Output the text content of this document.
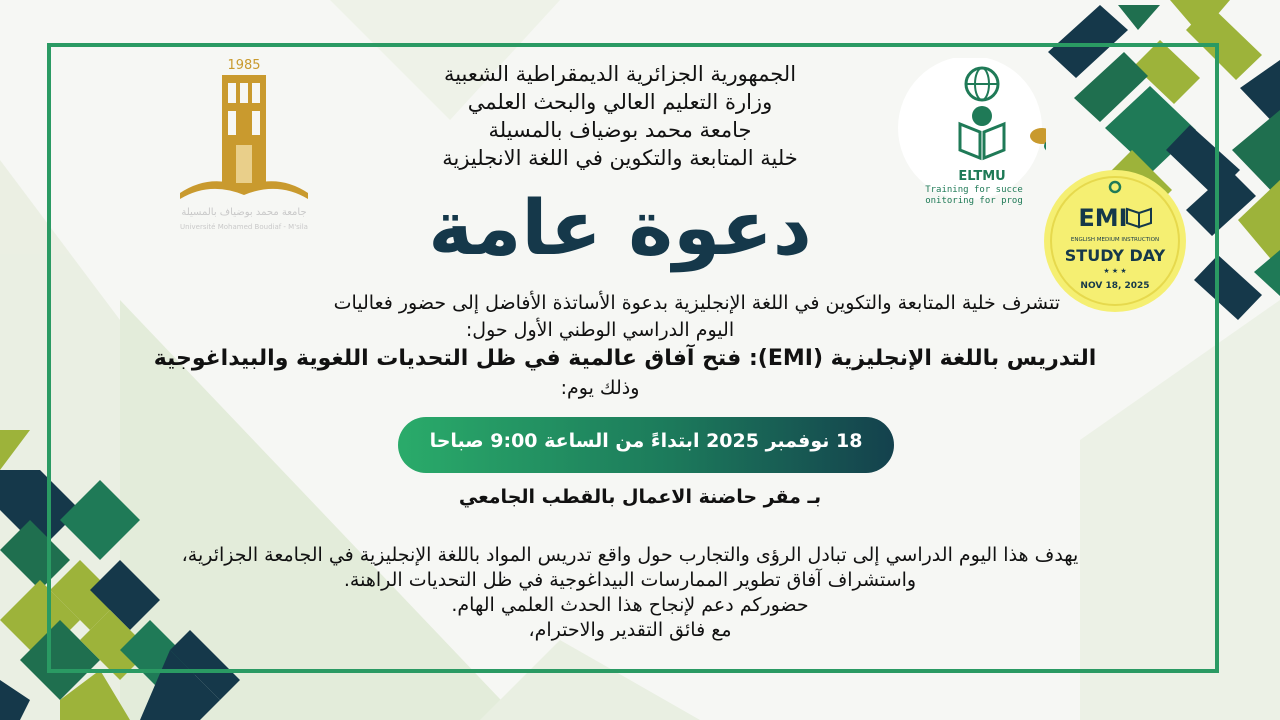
1985
جامعة محمد بوضياف بالمسيلة
Université Mohamed Boudiaf - M'sila
ELTMU
Training for succe
onitoring for prog
EMI
ENGLISH MEDIUM INSTRUCTION
STUDY DAY
★ ★ ★
NOV 18, 2025
الجمهورية الجزائرية الديمقراطية الشعبية
وزارة التعليم العالي والبحث العلمي
جامعة محمد بوضياف بالمسيلة
خلية المتابعة والتكوين في اللغة الانجليزية
دعوة عامة
تتشرف خلية المتابعة والتكوين في اللغة الإنجليزية بدعوة الأساتذة الأفاضل إلى حضور فعاليات
اليوم الدراسي الوطني الأول حول:
التدريس باللغة الإنجليزية (EMI): فتح آفاق عالمية في ظل التحديات اللغوية والبيداغوجية
وذلك يوم:
18 نوفمبر 2025 ابتداءً من الساعة 9:00 صباحا
بـ مقر حاضنة الاعمال بالقطب الجامعي
يهدف هذا اليوم الدراسي إلى تبادل الرؤى والتجارب حول واقع تدريس المواد باللغة الإنجليزية في الجامعة الجزائرية،
واستشراف آفاق تطوير الممارسات البيداغوجية في ظل التحديات الراهنة.
حضوركم دعم لإنجاح هذا الحدث العلمي الهام.
مع فائق التقدير والاحترام،
